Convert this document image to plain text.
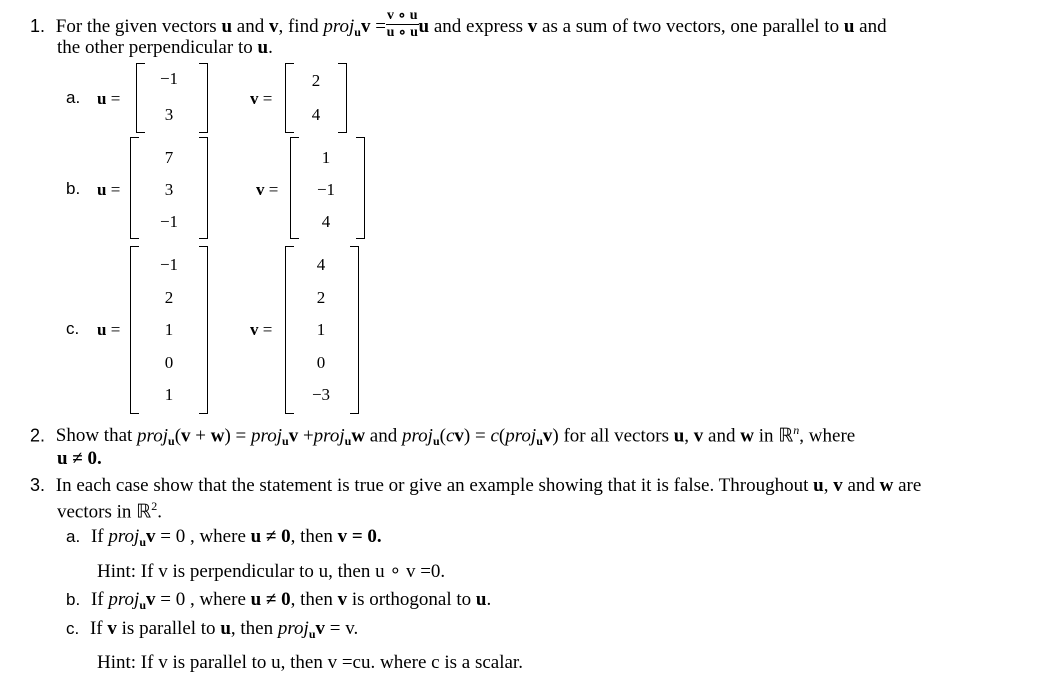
1. For the given vectors u and v, find proj$_u$v = $\frac{v \circ u}{u \circ u}$ u and express v as a sum of two vectors, one parallel to u and
the other perpendicular to u.
a. u =
−1
3
v =
2
4
b. u =
7
3
−1
v =
1
−1
4
c. u =
−1
2
1
0
1
v =
4
2
1
0
−3
2. Show that proj$_u$(v + w) = proj$_u$v +proj$_u$w and proj$_u$(cv) = c(proj$_u$v) for all vectors u, v and w in ℝ$^n$, where
u ≠ 0.
3. In each case show that the statement is true or give an example showing that it is false. Throughout u, v and w are
vectors in ℝ$^2$.
a. If proj$_u$v = 0 , where u ≠ 0, then v = 0.
Hint: If v is perpendicular to u, then u ∘ v =0.
b. If proj$_u$v = 0 , where u ≠ 0, then v is orthogonal to u.
c. If v is parallel to u, then proj$_u$v = v.
Hint: If v is parallel to u, then v =cu. where c is a scalar.
